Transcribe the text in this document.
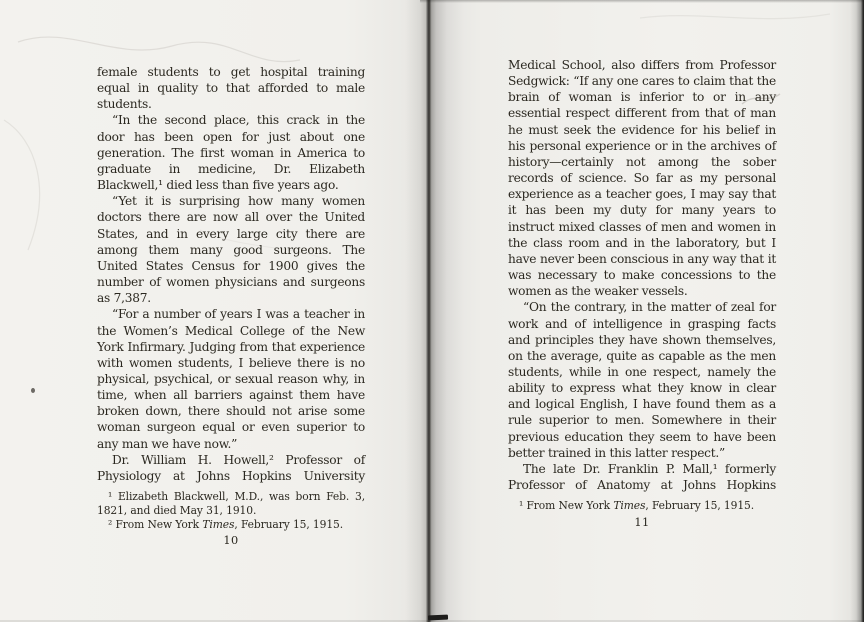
female students to get hospital training equal in quality to that afforded to male students.

“In the second place, this crack in the door has been open for just about one generation. The first woman in America to graduate in medicine, Dr. Elizabeth Blackwell,¹ died less than five years ago.

“Yet it is surprising how many women doctors there are now all over the United States, and in every large city there are among them many good surgeons. The United States Census for 1900 gives the number of women physicians and surgeons as 7,387.

“For a number of years I was a teacher in the Women’s Medical College of the New York Infirmary. Judging from that experience with women students, I believe there is no physical, psychical, or sexual reason why, in time, when all barriers against them have broken down, there should not arise some woman surgeon equal or even superior to any man we have now.”

Dr. William H. Howell,² Professor of Physiology at Johns Hopkins University

¹ Elizabeth Blackwell, M.D., was born Feb. 3, 1821, and died May 31, 1910.

² From New York Times, February 15, 1915.

10

Medical School, also differs from Professor Sedgwick: “If any one cares to claim that the brain of woman is inferior to or in any essential respect different from that of man he must seek the evidence for his belief in his personal experience or in the archives of history—certainly not among the sober records of science. So far as my personal experience as a teacher goes, I may say that it has been my duty for many years to instruct mixed classes of men and women in the class room and in the laboratory, but I have never been conscious in any way that it was necessary to make concessions to the women as the weaker vessels.

“On the contrary, in the matter of zeal for work and of intelligence in grasping facts and principles they have shown themselves, on the average, quite as capable as the men students, while in one respect, namely the ability to express what they know in clear and logical English, I have found them as a rule superior to men. Somewhere in their previous education they seem to have been better trained in this latter respect.”

The late Dr. Franklin P. Mall,¹ formerly Professor of Anatomy at Johns Hopkins

¹ From New York Times, February 15, 1915.

11
